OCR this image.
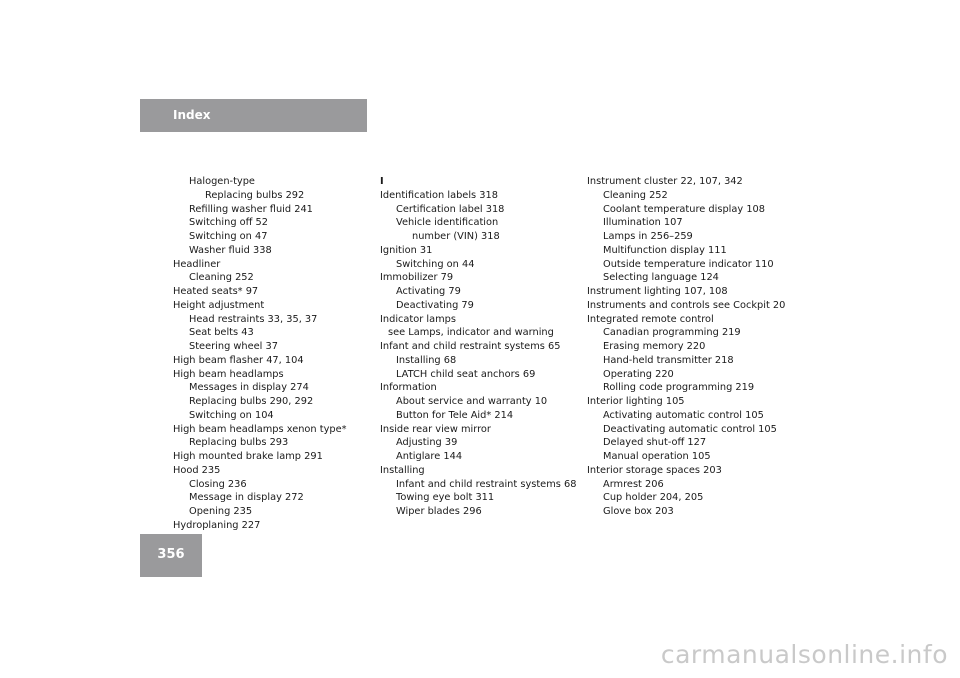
Index
Halogen-type
Replacing bulbs 292
Refilling washer fluid 241
Switching off 52
Switching on 47
Washer fluid 338
Headliner
Cleaning 252
Heated seats* 97
Height adjustment
Head restraints 33, 35, 37
Seat belts 43
Steering wheel 37
High beam flasher 47, 104
High beam headlamps
Messages in display 274
Replacing bulbs 290, 292
Switching on 104
High beam headlamps xenon type*
Replacing bulbs 293
High mounted brake lamp 291
Hood 235
Closing 236
Message in display 272
Opening 235
Hydroplaning 227
I
Identification labels 318
Certification label 318
Vehicle identification
number (VIN) 318
Ignition 31
Switching on 44
Immobilizer 79
Activating 79
Deactivating 79
Indicator lamps
see Lamps, indicator and warning
Infant and child restraint systems 65
Installing 68
LATCH child seat anchors 69
Information
About service and warranty 10
Button for Tele Aid* 214
Inside rear view mirror
Adjusting 39
Antiglare 144
Installing
Infant and child restraint systems 68
Towing eye bolt 311
Wiper blades 296
Instrument cluster 22, 107, 342
Cleaning 252
Coolant temperature display 108
Illumination 107
Lamps in 256–259
Multifunction display 111
Outside temperature indicator 110
Selecting language 124
Instrument lighting 107, 108
Instruments and controls see Cockpit 20
Integrated remote control
Canadian programming 219
Erasing memory 220
Hand-held transmitter 218
Operating 220
Rolling code programming 219
Interior lighting 105
Activating automatic control 105
Deactivating automatic control 105
Delayed shut-off 127
Manual operation 105
Interior storage spaces 203
Armrest 206
Cup holder 204, 205
Glove box 203
356
carmanualsonline.info
